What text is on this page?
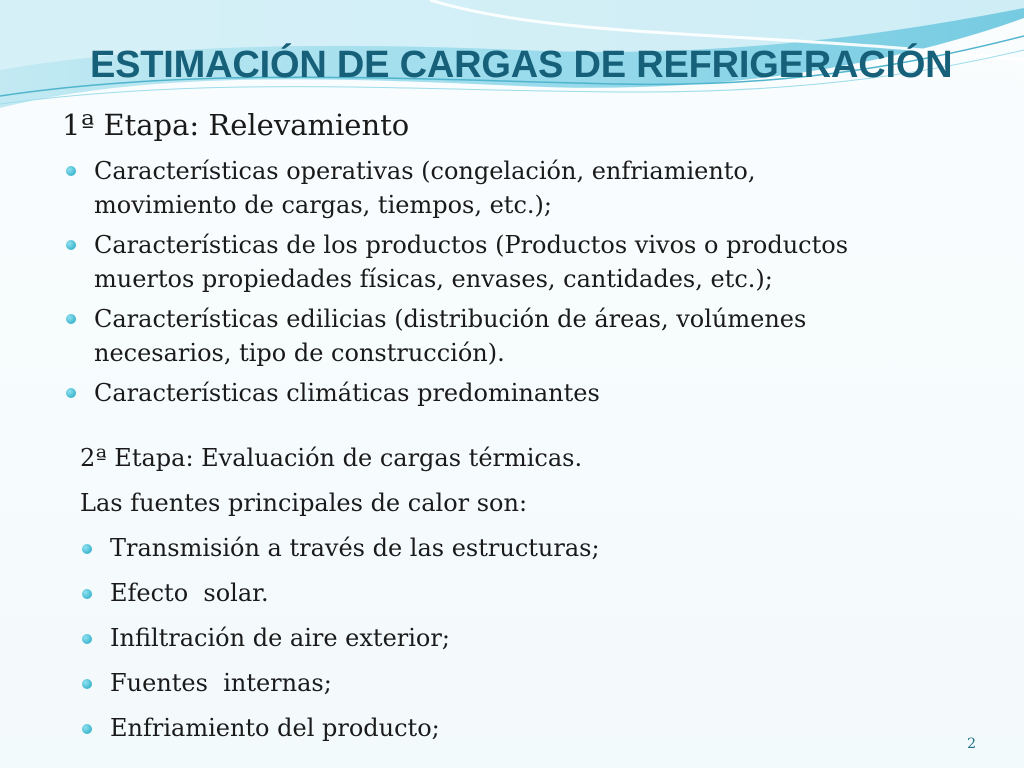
ESTIMACIÓN DE CARGAS DE REFRIGERACIÓN
1ª Etapa: Relevamiento
Características operativas (congelación, enfriamiento,
movimiento de cargas, tiempos, etc.);
Características de los productos (Productos vivos o productos
muertos propiedades físicas, envases, cantidades, etc.);
Características edilicias (distribución de áreas, volúmenes
necesarios, tipo de construcción).
Características climáticas predominantes
2ª Etapa: Evaluación de cargas térmicas.
Las fuentes principales de calor son:
Transmisión a través de las estructuras;
Efecto  solar.
Infiltración de aire exterior;
Fuentes  internas;
Enfriamiento del producto;
2
